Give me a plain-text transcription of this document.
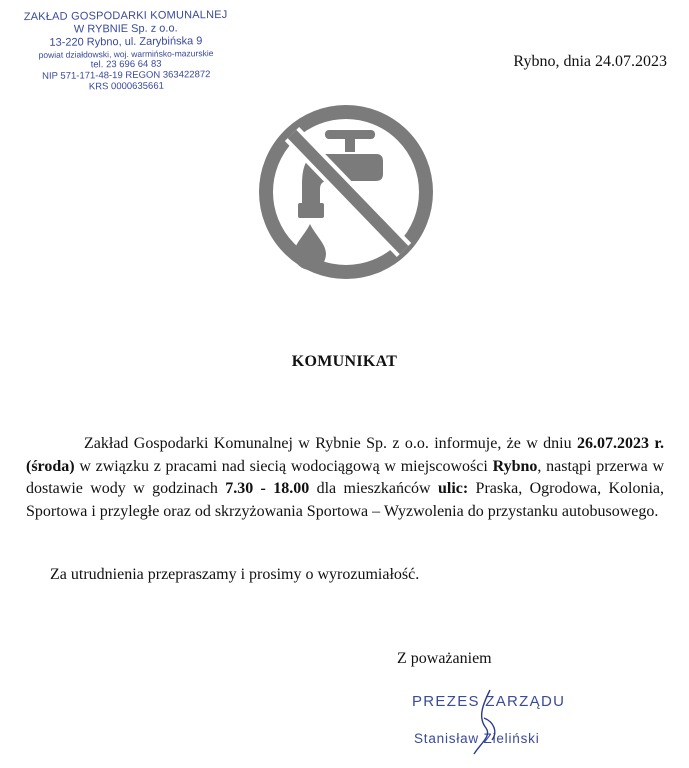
ZAKŁAD GOSPODARKI KOMUNALNEJ
W RYBNIE Sp. z o.o.
13-220 Rybno, ul. Zarybińska 9
powiat działdowski, woj. warmińsko-mazurskie
tel. 23 696 64 83
NIP 571-171-48-19 REGON 363422872
KRS 0000635661
Rybno, dnia 24.07.2023
KOMUNIKAT

Zakład Gospodarki Komunalnej w Rybnie Sp. z o.o. informuje, że w dniu 26.07.2023 r. (środa) w związku z pracami nad siecią wodociągową w miejscowości Rybno, nastąpi przerwa w dostawie wody w godzinach 7.30 - 18.00 dla mieszkańców ulic: Praska, Ogrodowa, Kolonia, Sportowa i przyległe oraz od skrzyżowania Sportowa – Wyzwolenia do przystanku autobusowego.

Za utrudnienia przepraszamy i prosimy o wyrozumiałość.
Z poważaniem
PREZES ZARZĄDU
Stanisław Zieliński
